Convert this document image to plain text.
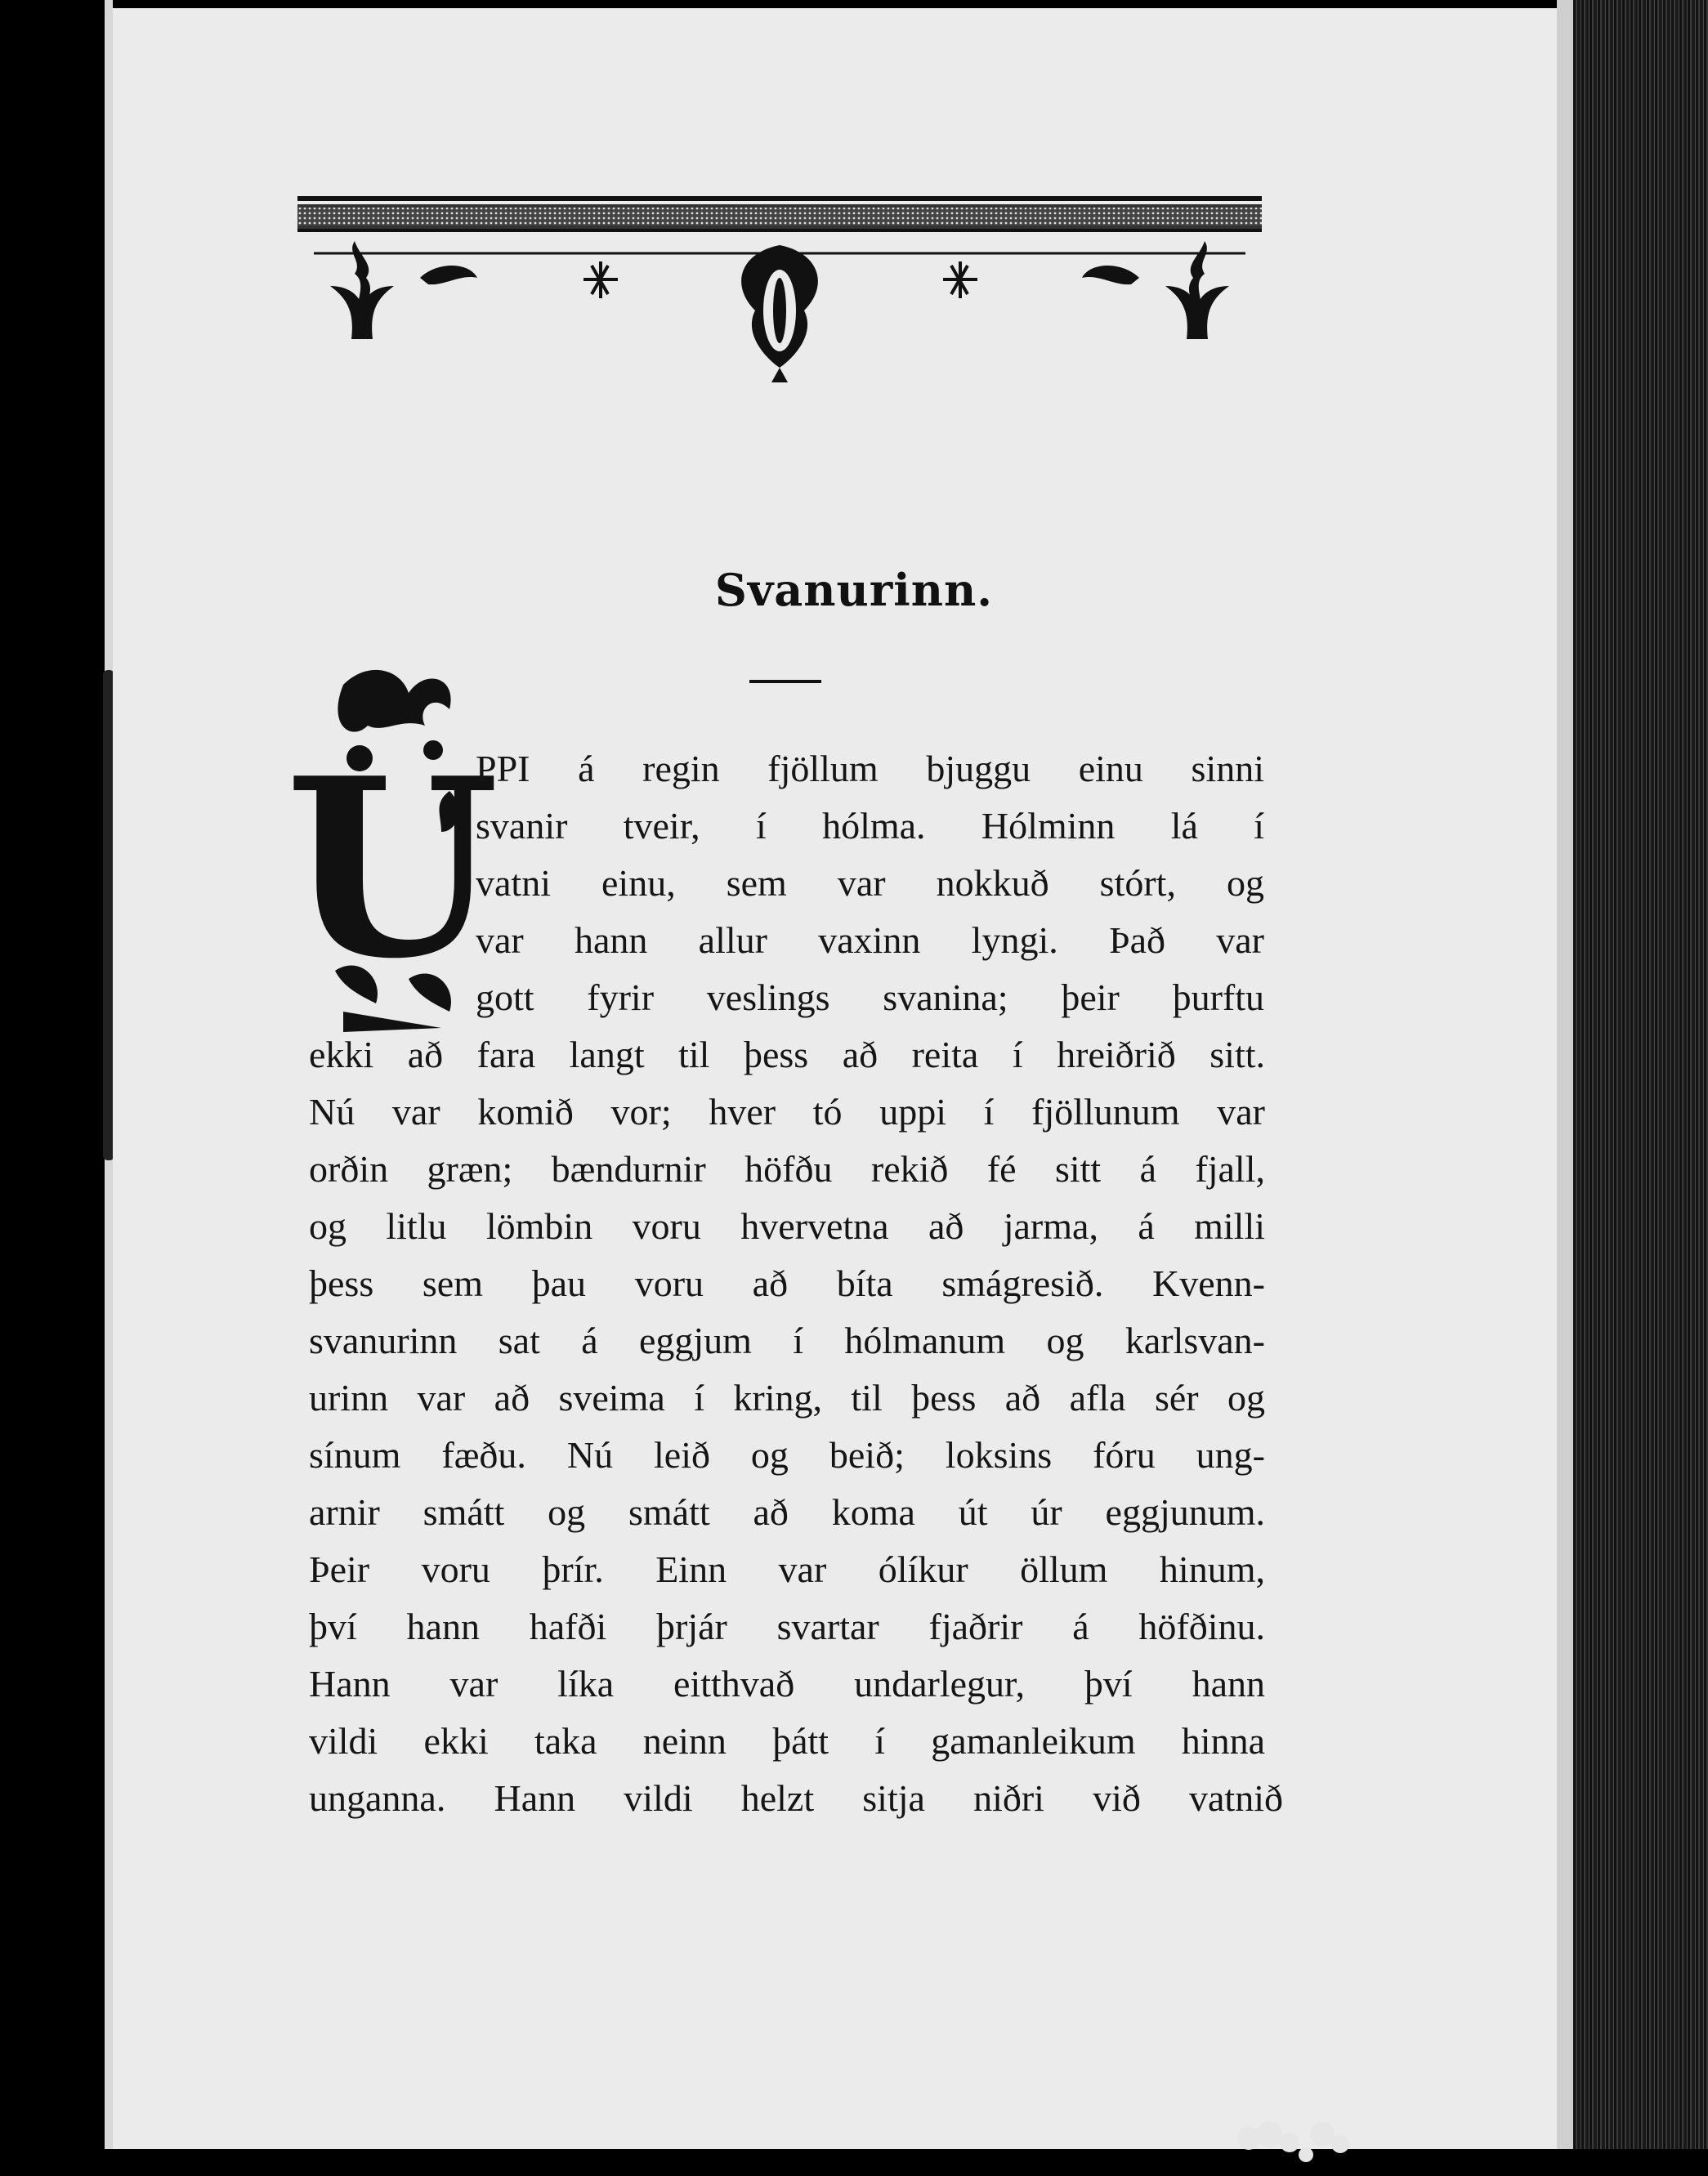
Svanurinn.
U
PPI á regin fjöllum bjuggu einu sinni
svanir tveir, í hólma. Hólminn lá í
vatni einu, sem var nokkuð stórt, og
var hann allur vaxinn lyngi. Það var
gott fyrir veslings svanina; þeir þurftu
ekki að fara langt til þess að reita í hreiðrið sitt.
Nú var komið vor; hver tó uppi í fjöllunum var
orðin græn; bændurnir höfðu rekið fé sitt á fjall,
og litlu lömbin voru hvervetna að jarma, á milli
þess sem þau voru að bíta smágresið. Kvenn-
svanurinn sat á eggjum í hólmanum og karlsvan-
urinn var að sveima í kring, til þess að afla sér og
sínum fæðu. Nú leið og beið; loksins fóru ung-
arnir smátt og smátt að koma út úr eggjunum.
Þeir voru þrír. Einn var ólíkur öllum hinum,
því hann hafði þrjár svartar fjaðrir á höfðinu.
Hann var líka eitthvað undarlegur, því hann
vildi ekki taka neinn þátt í gamanleikum hinna
unganna. Hann vildi helzt sitja niðri við vatnið
